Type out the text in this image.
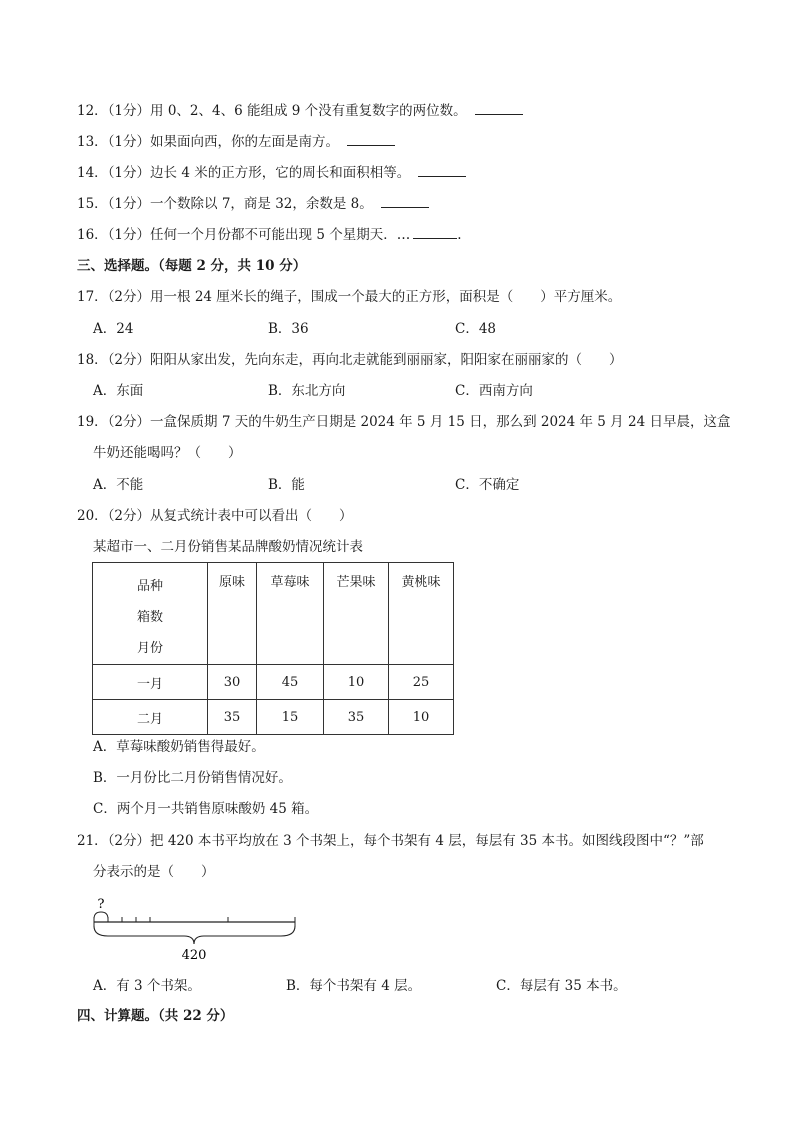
12．（1分）用 0、2、4、6 能组成 9 个没有重复数字的两位数。
13．（1分）如果面向西，你的左面是南方。
14．（1分）边长 4 米的正方形，它的周长和面积相等。
15．（1分）一个数除以 7，商是 32，余数是 8。
16．（1分）任何一个月份都不可能出现 5 个星期天．…	.
三、选择题。（每题 2 分，共 10 分）
17．（2分）用一根 24 厘米长的绳子，围成一个最大的正方形，面积是（　　）平方厘米。
A．24	B．36	C．48
18．（2分）阳阳从家出发，先向东走，再向北走就能到丽丽家，阳阳家在丽丽家的（　　）
A．东面	B．东北方向	C．西南方向
19．（2分）一盒保质期 7 天的牛奶生产日期是 2024 年 5 月 15 日，那么到 2024 年 5 月 24 日早晨，这盒
牛奶还能喝吗？（　　）
A．不能	B．能	C．不确定
20．（2分）从复式统计表中可以看出（　　）
某超市一、二月份销售某品牌酸奶情况统计表
品种
箱数
月份	原味	草莓味	芒果味	黄桃味
一月	30	45	10	25
二月	35	15	35	10
A．草莓味酸奶销售得最好。
B．一月份比二月份销售情况好。
C．两个月一共销售原味酸奶 45 箱。
21．（2分）把 420 本书平均放在 3 个书架上，每个书架有 4 层，每层有 35 本书。如图线段图中“？”部
分表示的是（　　）
?
420
A．有 3 个书架。	B．每个书架有 4 层。	C．每层有 35 本书。
四、计算题。（共 22 分）
